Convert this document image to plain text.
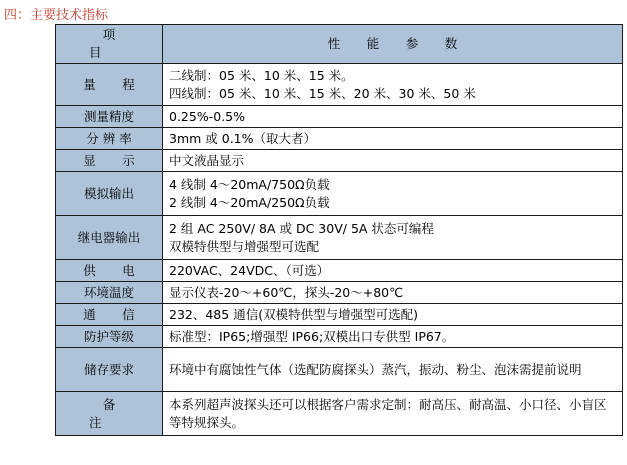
四：主要技术指标
项 目	性 能 参 数
量 程	二线制：05 米、10 米、15 米。
四线制：05 米、10 米、15 米、20 米、30 米、50 米

测量精度	0.25%-0.5%

分 辨 率	3mm 或 0.1%（取大者）

显 示	中文液晶显示

模拟输出	4 线制 4～20mA/750Ω负载
2 线制 4～20mA/250Ω负载

继电器输出	2 组 AC 250V/ 8A 或 DC 30V/ 5A 状态可编程
双模特供型与增强型可选配

供 电	220VAC、24VDC、（可选）

环境温度	显示仪表-20～+60℃，探头-20～+80℃

通 信	232、485 通信(双模特供型与增强型可选配)

防护等级	标准型：IP65;增强型 IP66;双模出口专供型 IP67。

储存要求	环境中有腐蚀性气体（选配防腐探头）蒸汽，振动、粉尘、泡沫需提前说明

备 注	本系列超声波探头还可以根据客户需求定制：耐高压、耐高温、小口径、小盲区等特规探头。
